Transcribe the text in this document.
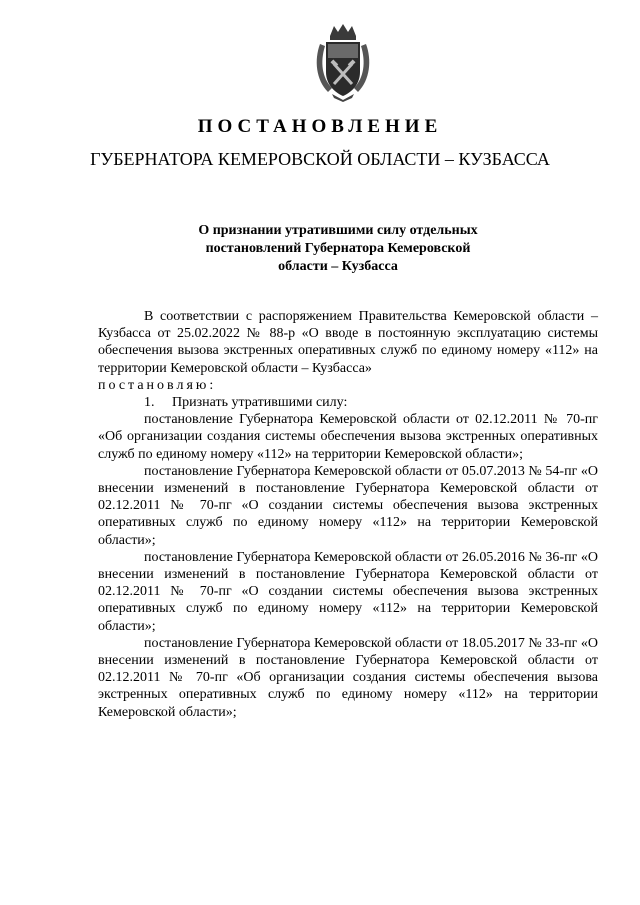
ПОСТАНОВЛЕНИЕ
ГУБЕРНАТОРА КЕМЕРОВСКОЙ ОБЛАСТИ – КУЗБАССА
О признании утратившими силу отдельных
постановлений Губернатора Кемеровской
области – Кузбасса

В соответствии с распоряжением Правительства Кемеровской области – Кузбасса от 25.02.2022 № 88-р «О вводе в постоянную эксплуатацию системы обеспечения вызова экстренных оперативных служб по единому номеру «112» на территории Кемеровской области – Кузбасса»

постановляю:

1.     Признать утратившими силу:

постановление Губернатора Кемеровской области от 02.12.2011 № 70-пг «Об организации создания системы обеспечения вызова экстренных оперативных служб по единому номеру «112» на территории Кемеровской области»;

постановление Губернатора Кемеровской области от 05.07.2013 № 54-пг «О внесении изменений в постановление Губернатора Кемеровской области от 02.12.2011 № 70-пг «О создании системы обеспечения вызова экстренных оперативных служб по единому номеру «112» на территории Кемеровской области»;

постановление Губернатора Кемеровской области от 26.05.2016 № 36-пг «О внесении изменений в постановление Губернатора Кемеровской области от 02.12.2011 № 70-пг «О создании системы обеспечения вызова экстренных оперативных служб по единому номеру «112» на территории Кемеровской области»;

постановление Губернатора Кемеровской области от 18.05.2017 № 33-пг «О внесении изменений в постановление Губернатора Кемеровской области от 02.12.2011 № 70-пг «Об организации создания системы обеспечения вызова экстренных оперативных служб по единому номеру «112» на территории Кемеровской области»;
